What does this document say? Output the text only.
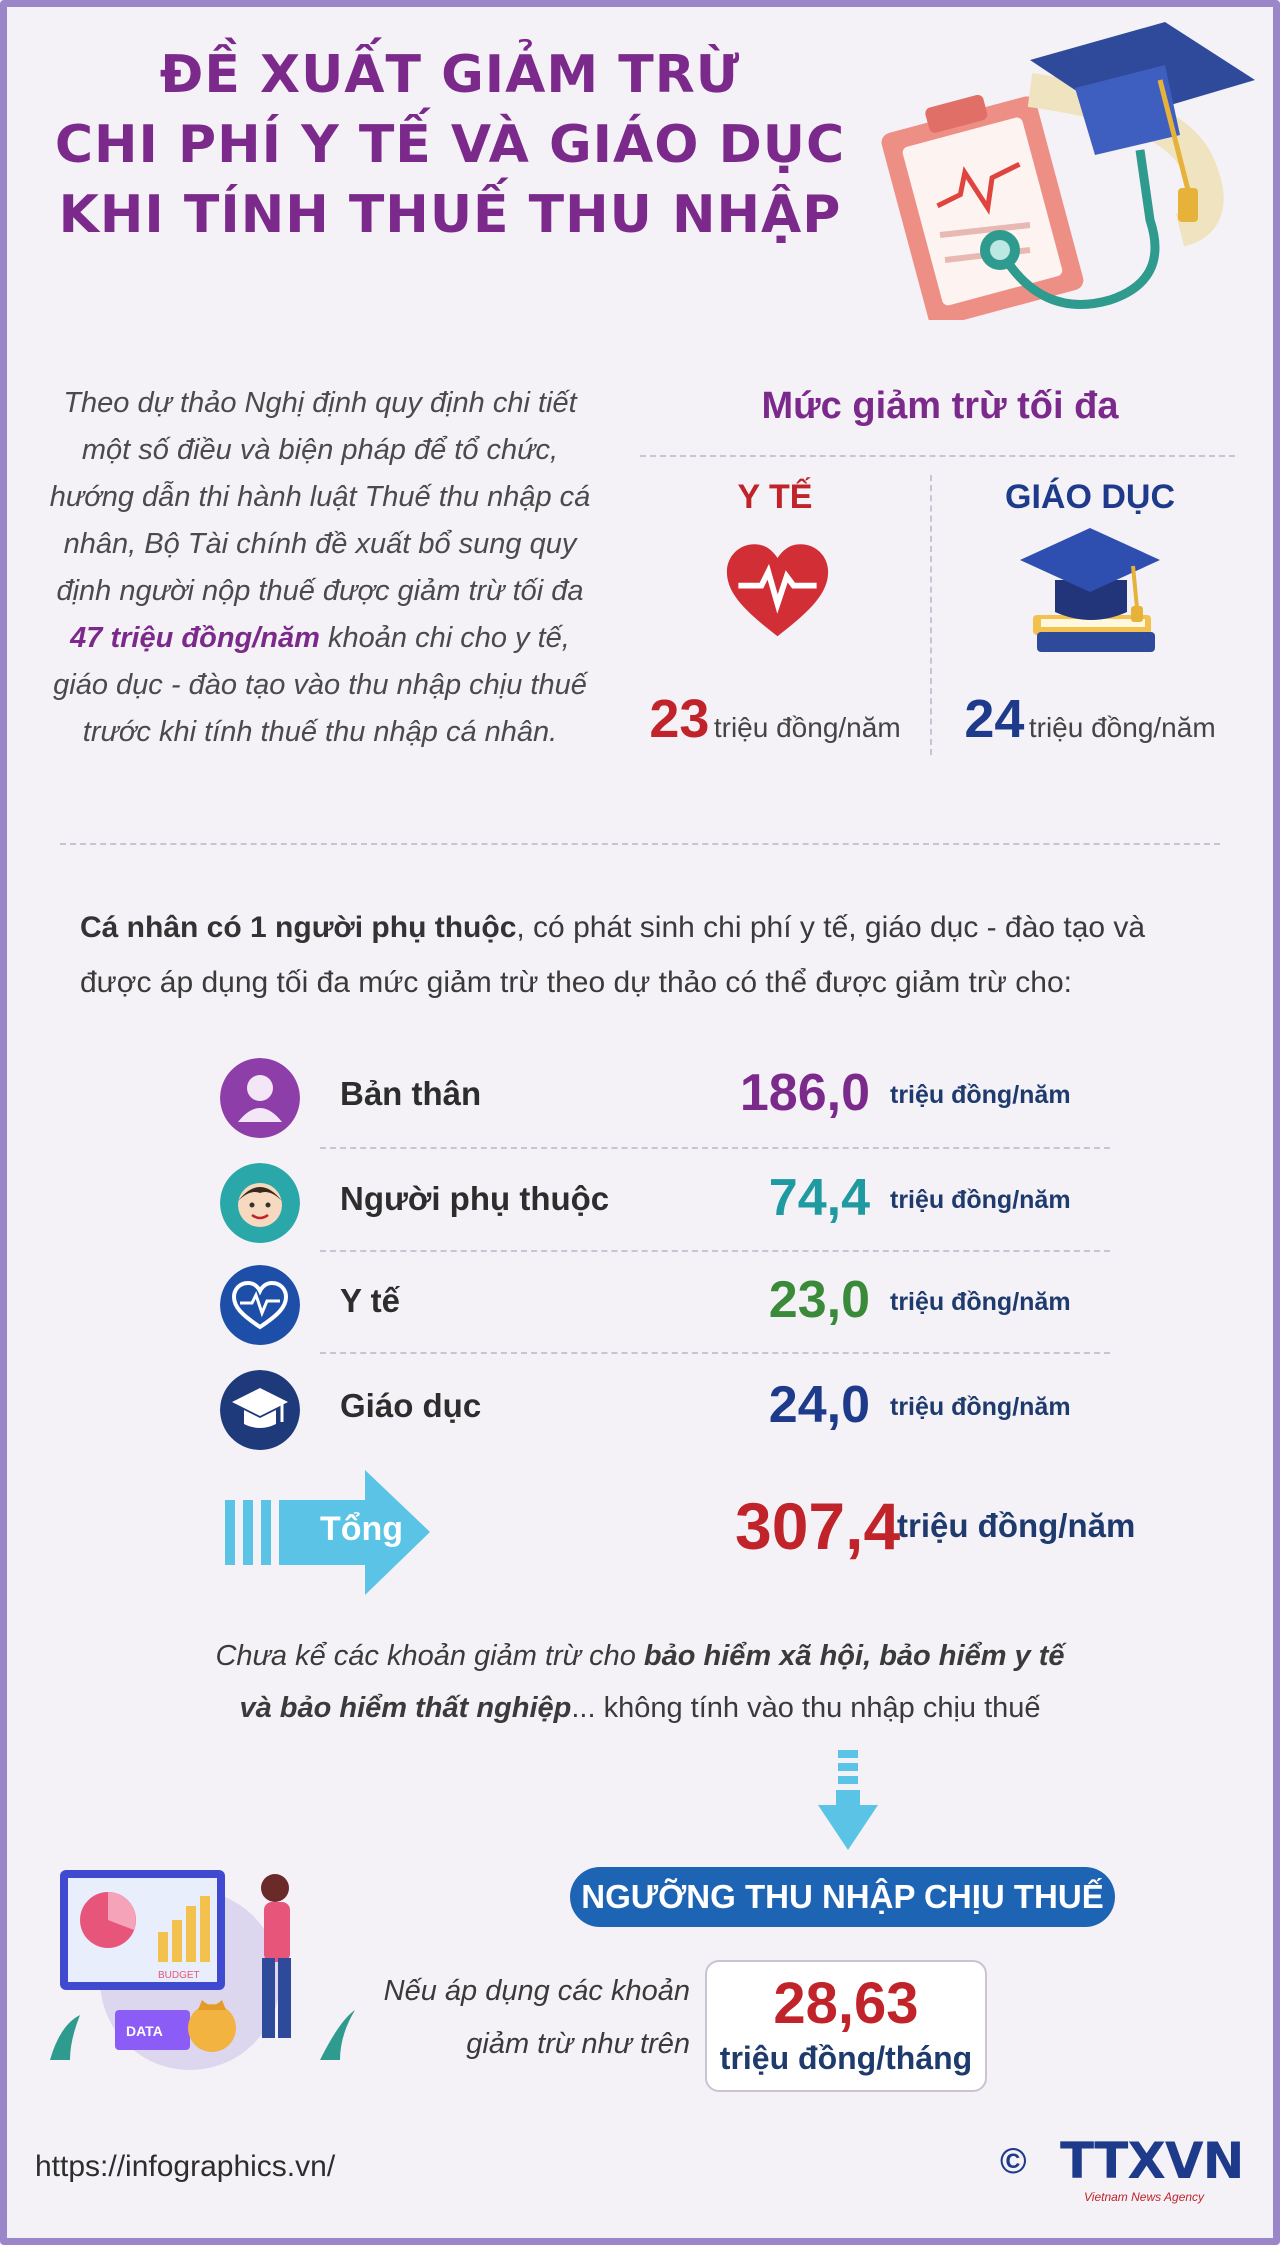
ĐỀ XUẤT GIẢM TRỪ
CHI PHÍ Y TẾ VÀ GIÁO DỤC
KHI TÍNH THUẾ THU NHẬP
Theo dự thảo Nghị định quy định chi tiết một số điều và biện pháp để tổ chức, hướng dẫn thi hành luật Thuế thu nhập cá nhân, Bộ Tài chính đề xuất bổ sung quy định người nộp thuế được giảm trừ tối đa 47 triệu đồng/năm khoản chi cho y tế, giáo dục - đào tạo vào thu nhập chịu thuế trước khi tính thuế thu nhập cá nhân.
Mức giảm trừ tối đa
Y TẾ	GIÁO DỤC
23 triệu đồng/năm 24 triệu đồng/năm
Cá nhân có 1 người phụ thuộc, có phát sinh chi phí y tế, giáo dục - đào tạo và được áp dụng tối đa mức giảm trừ theo dự thảo có thể được giảm trừ cho:
Bản thân	186,0 triệu đồng/năm
Người phụ thuộc	74,4 triệu đồng/năm
Y tế	23,0 triệu đồng/năm
Giáo dục	24,0 triệu đồng/năm
Tổng	307,4
triệu đồng/năm
Chưa kể các khoản giảm trừ cho bảo hiểm xã hội, bảo hiểm y tế
và bảo hiểm thất nghiệp... không tính vào thu nhập chịu thuế
NGƯỠNG THU NHẬP CHỊU THUẾ
Nếu áp dụng các khoản
giảm trừ như trên
28,63
triệu đồng/tháng
BUDGET
DATA
https://infographics.vn/	© TTXVN
Vietnam News Agency
